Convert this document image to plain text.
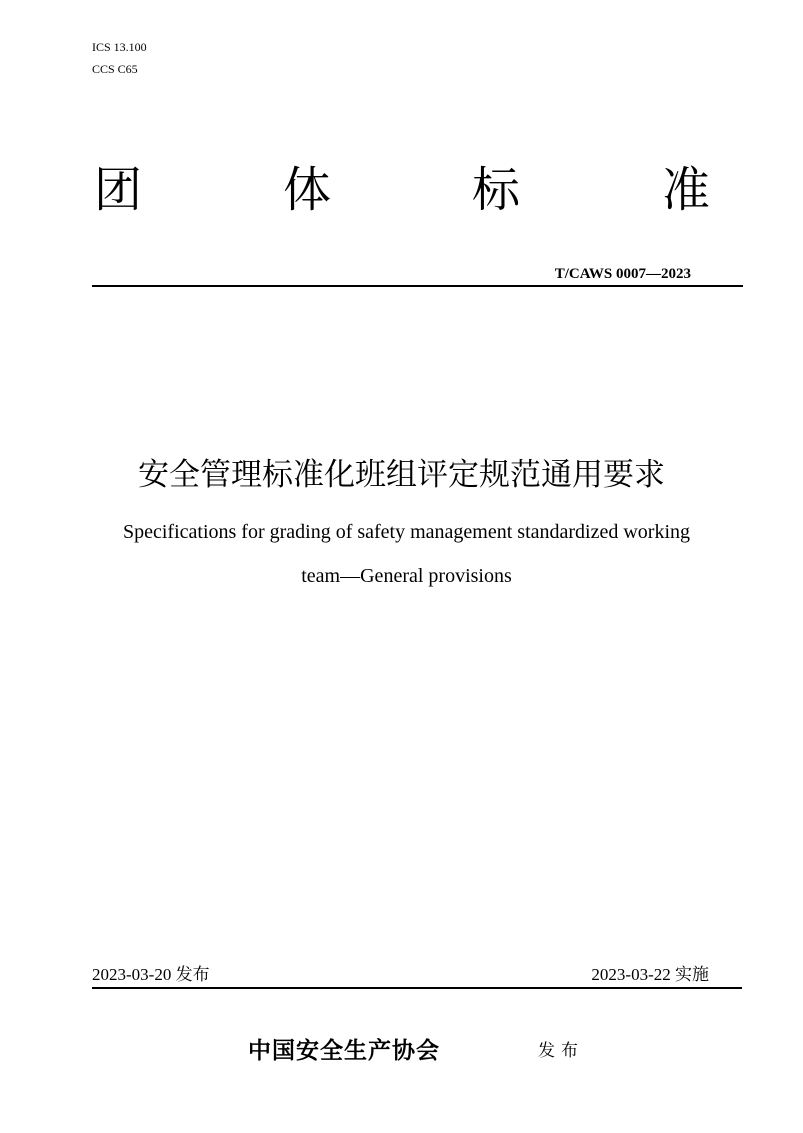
ICS 13.100
CCS C65
团	体	标	准
T/CAWS 0007—2023
安全管理标准化班组评定规范通用要求
Specifications for grading of safety management standardized working
team—General provisions
2023-03-20 发布	2023-03-22 实施
中国安全生产协会	发布
